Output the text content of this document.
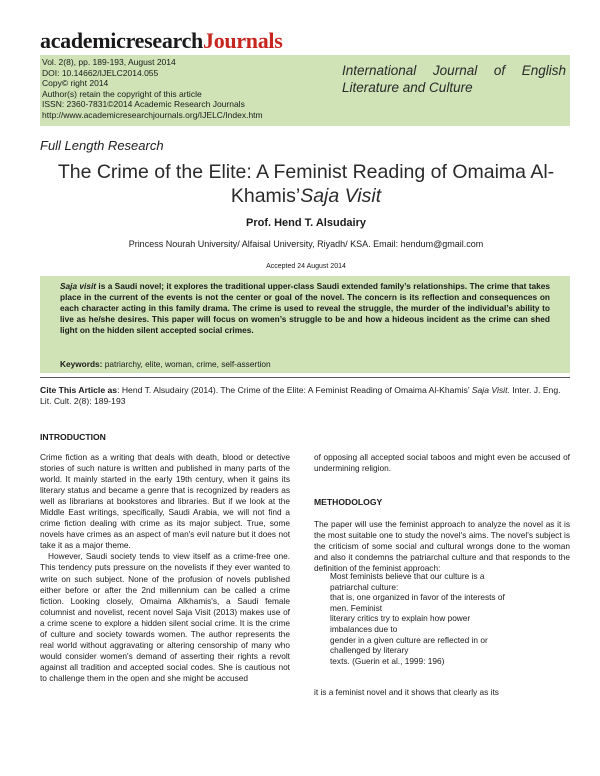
academicresearchJournals
Vol. 2(8), pp. 189-193, August 2014
DOI: 10.14662/IJELC2014.055
Copy© right 2014
Author(s) retain the copyright of this article
ISSN: 2360-7831©2014 Academic Research Journals
http://www.academicresearchjournals.org/IJELC/Index.htm
International Journal of English Literature and Culture
Full Length Research
The Crime of the Elite: A Feminist Reading of Omaima Al-Khamis’Saja Visit
Prof. Hend T. Alsudairy
Princess Nourah University/ Alfaisal University, Riyadh/ KSA. Email: hendum@gmail.com
Accepted 24 August 2014
Saja visit is a Saudi novel; it explores the traditional upper-class Saudi extended family’s relationships. The crime that takes place in the current of the events is not the center or goal of the novel. The concern is its reflection and consequences on each character acting in this family drama. The crime is used to reveal the struggle, the murder of the individual’s ability to live as he/she desires. This paper will focus on women’s struggle to be and how a hideous incident as the crime can shed light on the hidden silent accepted social crimes.
Keywords: patriarchy, elite, woman, crime, self-assertion
Cite This Article as: Hend T. Alsudairy (2014). The Crime of the Elite: A Feminist Reading of Omaima Al-Khamis’ Saja Visit. Inter. J. Eng. Lit. Cult. 2(8): 189-193
INTRODUCTION

Crime fiction as a writing that deals with death, blood or detective stories of such nature is written and published in many parts of the world. It mainly started in the early 19th century, when it gains its literary status and became a genre that is recognized by readers as well as librarians at bookstores and libraries. But if we look at the Middle East writings, specifically, Saudi Arabia, we will not find a crime fiction dealing with crime as its major subject. True, some novels have crimes as an aspect of man's evil nature but it does not take it as a major theme.

However, Saudi society tends to view itself as a crime-free one. This tendency puts pressure on the novelists if they ever wanted to write on such subject. None of the profusion of novels published either before or after the 2nd millennium can be called a crime fiction. Looking closely, Omaima Alkhamis's, a Saudi female columnist and novelist, recent novel Saja Visit (2013) makes use of a crime scene to explore a hidden silent social crime. It is the crime of culture and society towards women. The author represents the real world without aggravating or altering censorship of many who would consider women's demand of asserting their rights a revolt against all tradition and accepted social codes. She is cautious not to challenge them in the open and she might be accused

of opposing all accepted social taboos and might even be accused of undermining religion.

METHODOLOGY

The paper will use the feminist approach to analyze the novel as it is the most suitable one to study the novel's aims. The novel's subject is the criticism of some social and cultural wrongs done to the woman and also it condemns the patriarchal culture and that responds to the definition of the feminist approach:

Most feminists believe that our culture is a
patriarchal culture:
that is, one organized in favor of the interests of
men. Feminist
literary critics try to explain how power
imbalances due to
gender in a given culture are reflected in or
challenged by literary
texts. (Guerin et al., 1999: 196)
it is a feminist novel and it shows that clearly as its
